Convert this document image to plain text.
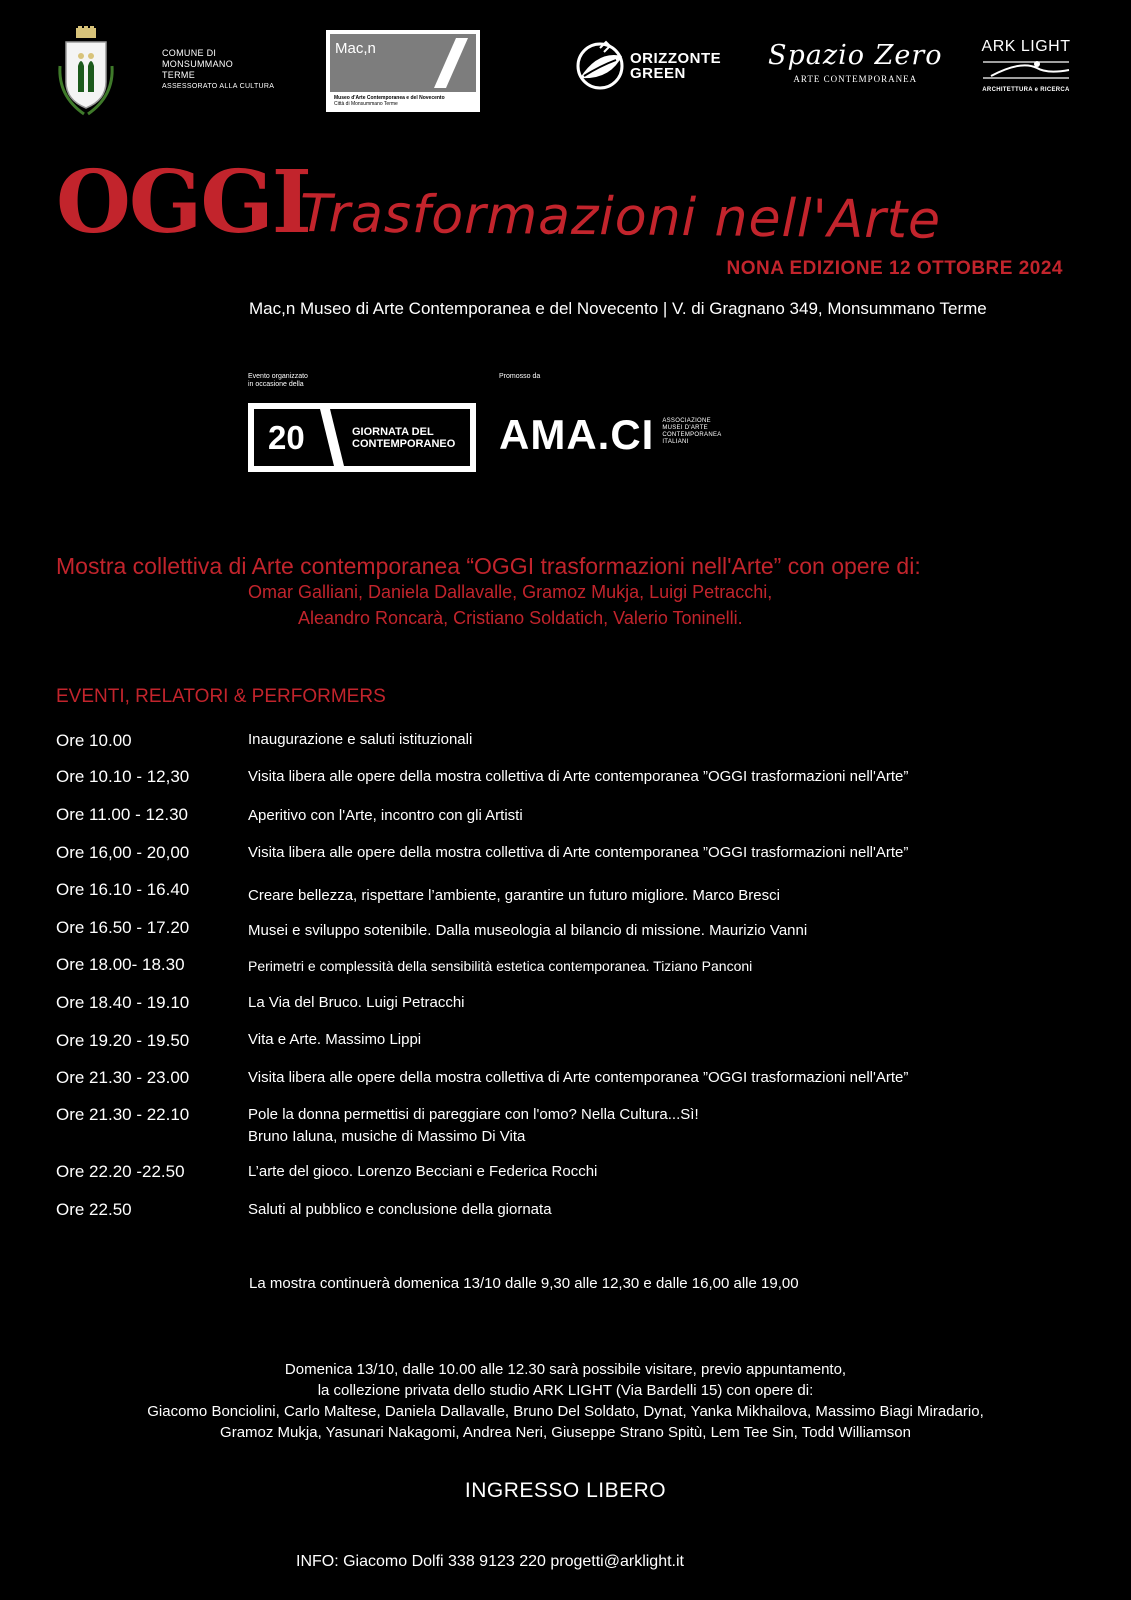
COMUNE DI
MONSUMMANO
TERME
ASSESSORATO ALLA CULTURA
Mac,n
Museo d'Arte Contemporanea e del Novecento
Città di Monsummano Terme
ORIZZONTE
GREEN
Spazio Zero
ARTE CONTEMPORANEA
ARK LIGHT
ARCHITETTURA e RICERCA
OGGI
Trasformazioni nell'Arte
NONA EDIZIONE 12 OTTOBRE 2024
Mac,n Museo di Arte Contemporanea e del Novecento | V. di Gragnano 349, Monsummano Terme
Evento organizzato
in occasione della
Promosso da
20	GIORNATA DEL
CONTEMPORANEO AMA.CI ASSOCIAZIONE
MUSEI D'ARTE
CONTEMPORANEA
ITALIANI
Mostra collettiva di Arte contemporanea “OGGI trasformazioni nell'Arte” con opere di:
Omar Galliani, Daniela Dallavalle, Gramoz Mukja, Luigi Petracchi,
Aleandro Roncarà, Cristiano Soldatich, Valerio Toninelli.
EVENTI, RELATORI & PERFORMERS
Ore 10.00	Inaugurazione e saluti istituzionali
Ore 10.10 - 12,30	Visita libera alle opere della mostra collettiva di Arte contemporanea ”OGGI trasformazioni nell'Arte”
Ore 11.00 - 12.30	Aperitivo con l'Arte, incontro con gli Artisti
Ore 16,00 - 20,00	Visita libera alle opere della mostra collettiva di Arte contemporanea ”OGGI trasformazioni nell'Arte”
Ore 16.10 - 16.40	Creare bellezza, rispettare l’ambiente, garantire un futuro migliore. Marco Bresci
Ore 16.50 - 17.20	Musei e sviluppo sotenibile. Dalla museologia al bilancio di missione. Maurizio Vanni
Ore 18.00- 18.30	Perimetri e complessità della sensibilità estetica contemporanea. Tiziano Panconi
Ore 18.40 - 19.10	La Via del Bruco. Luigi Petracchi
Ore 19.20 - 19.50	Vita e Arte. Massimo Lippi
Ore 21.30 - 23.00	Visita libera alle opere della mostra collettiva di Arte contemporanea ”OGGI trasformazioni nell'Arte”
Ore 21.30 - 22.10	Pole la donna permettisi di pareggiare con l'omo? Nella Cultura...Sì!
Bruno Ialuna, musiche di Massimo Di Vita
Ore 22.20 -22.50	L’arte del gioco. Lorenzo Becciani e Federica Rocchi
Ore 22.50	Saluti al pubblico e conclusione della giornata
La mostra continuerà domenica 13/10 dalle 9,30 alle 12,30 e dalle 16,00 alle 19,00
Domenica 13/10, dalle 10.00 alle 12.30 sarà possibile visitare, previo appuntamento,
la collezione privata dello studio ARK LIGHT (Via Bardelli 15) con opere di:
Giacomo Bonciolini, Carlo Maltese, Daniela Dallavalle, Bruno Del Soldato, Dynat, Yanka Mikhailova, Massimo Biagi Miradario,
Gramoz Mukja, Yasunari Nakagomi, Andrea Neri, Giuseppe Strano Spitù, Lem Tee Sin, Todd Williamson
INGRESSO LIBERO
INFO: Giacomo Dolfi 338 9123 220 progetti@arklight.it
